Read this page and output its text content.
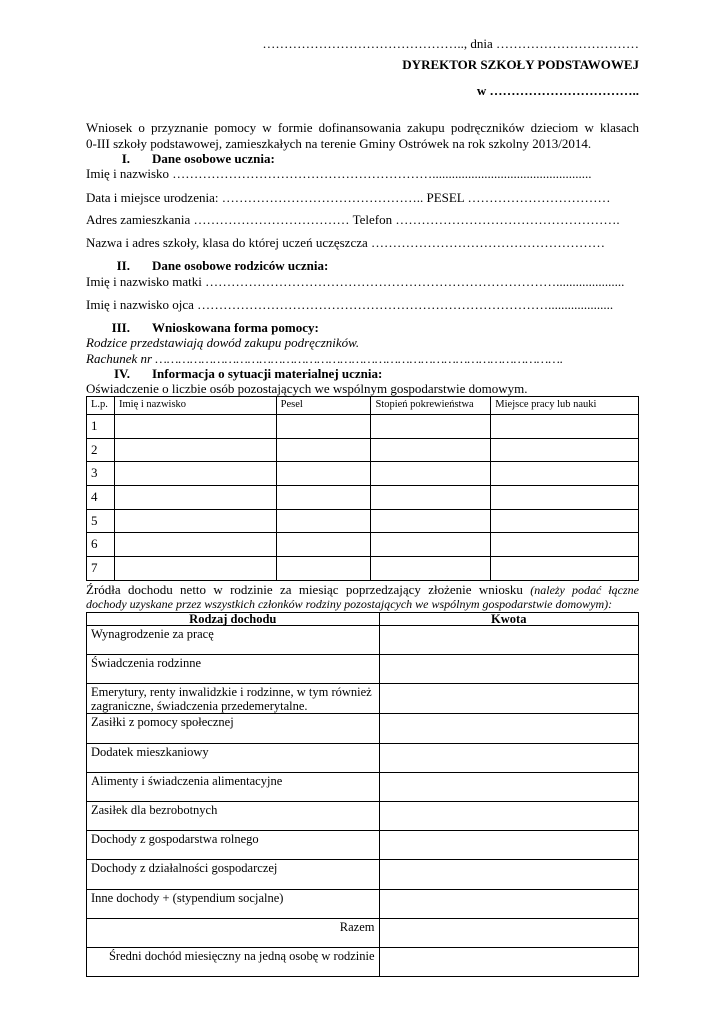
……………………………………….., dnia ……………………………
DYREKTOR SZKOŁY PODSTAWOWEJ
w ……………………………..
Wniosek o przyznanie pomocy w formie dofinansowania zakupu podręczników dzieciom w klasach
0-III szkoły podstawowej, zamieszkałych na terenie Gminy Ostrówek na rok szkolny 2013/2014.
I. Dane osobowe ucznia:
Imię i nazwisko …………………………………………………….................................................
Data i miejsce urodzenia: ……………………………………….. PESEL ……………………………
Adres zamieszkania ……………………………… Telefon …………………………………………….
Nazwa i adres szkoły, klasa do której uczeń uczęszcza ………………………………………………
II. Dane osobowe rodziców ucznia:
Imię i nazwisko matki ……………………………………………………………………….....................
Imię i nazwisko ojca ………………………………………………………………………....................
III. Wnioskowana forma pomocy:
Rodzice przedstawiają dowód zakupu podręczników.
Rachunek nr …………………………………………………………………………………………….
IV. Informacja o sytuacji materialnej ucznia:
Oświadczenie o liczbie osób pozostających we wspólnym gospodarstwie domowym.
L.p.	Imię i nazwisko	Pesel	Stopień pokrewieństwa	Miejsce pracy lub nauki
1				
2				
3				
4				
5				
6				
7				
Źródła dochodu netto w rodzinie za miesiąc poprzedzający złożenie wniosku (należy podać łączne
dochody uzyskane przez wszystkich członków rodziny pozostających we wspólnym gospodarstwie domowym):
Rodzaj dochodu	Kwota
Wynagrodzenie za pracę	
Świadczenia rodzinne	
Emerytury, renty inwalidzkie i rodzinne, w tym również zagraniczne, świadczenia przedemerytalne.	
Zasiłki z pomocy społecznej	
Dodatek mieszkaniowy	
Alimenty i świadczenia alimentacyjne	
Zasiłek dla bezrobotnych	
Dochody z gospodarstwa rolnego	
Dochody z działalności gospodarczej	
Inne dochody + (stypendium socjalne)	
Razem	
Średni dochód miesięczny na jedną osobę w rodzinie	
